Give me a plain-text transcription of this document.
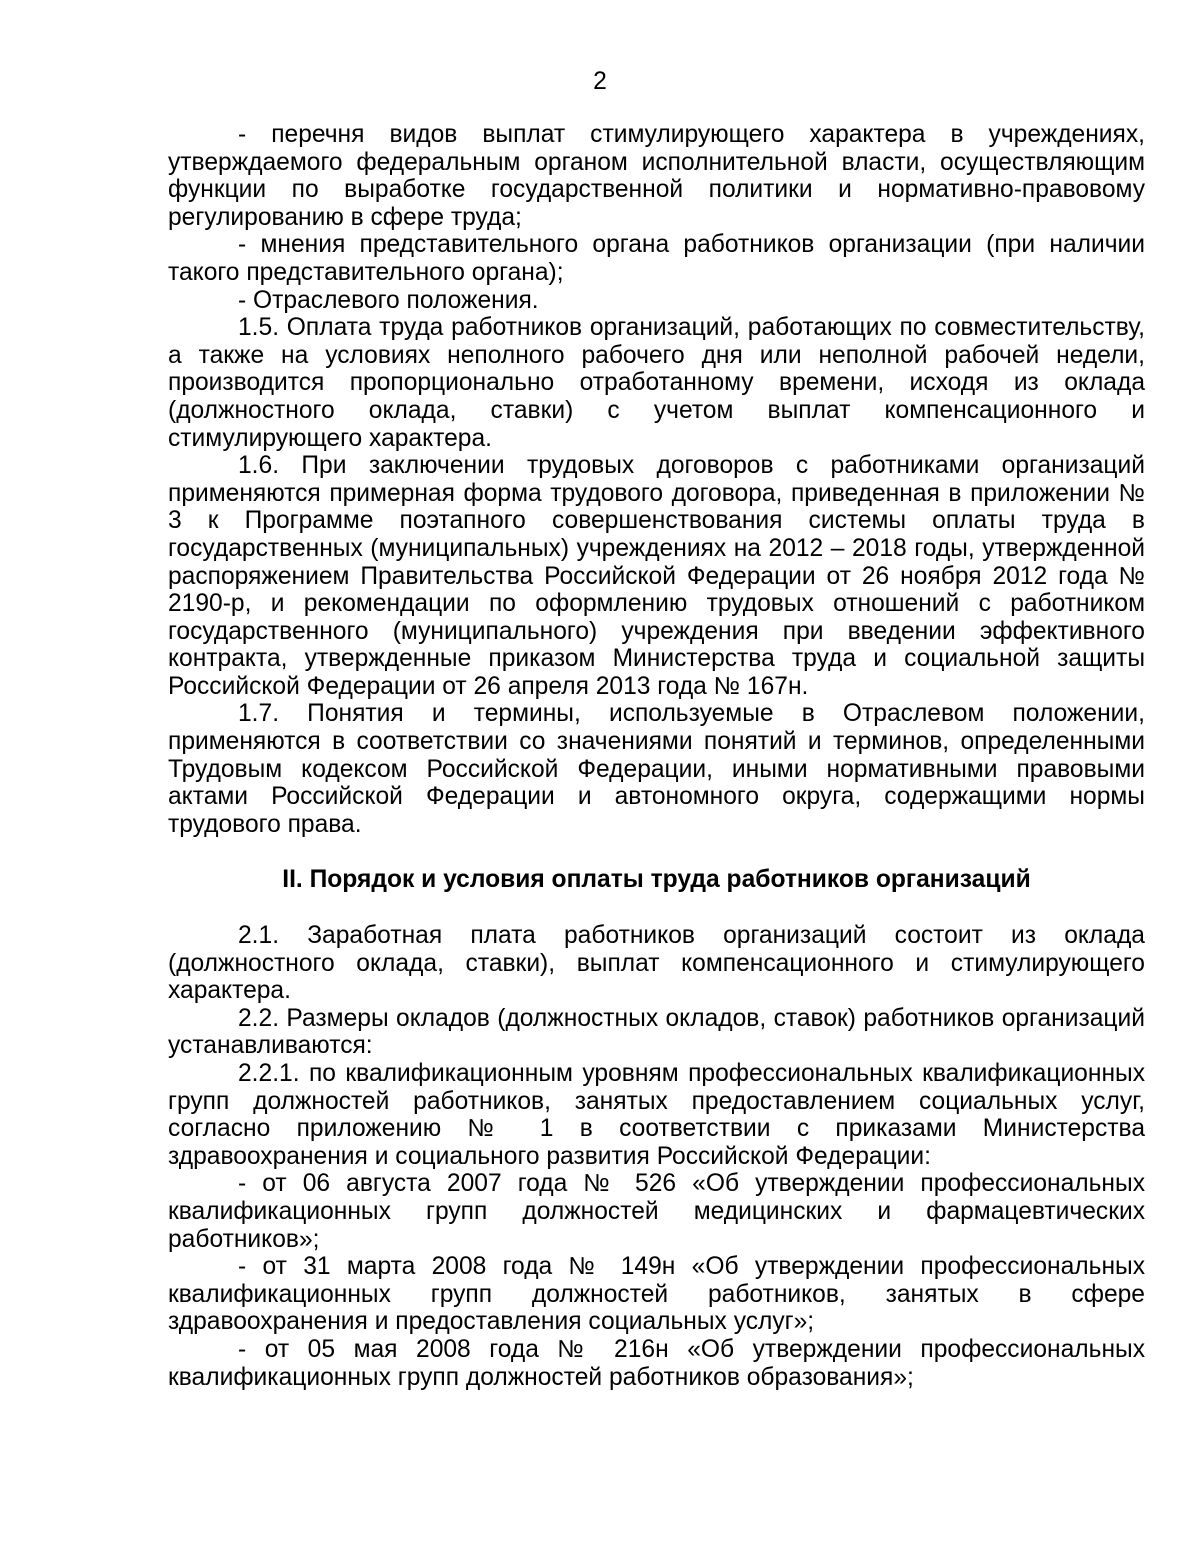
2

- перечня видов выплат стимулирующего характера в учреждениях, утверждаемого федеральным органом исполнительной власти, осуществляющим функции по выработке государственной политики и нормативно-правовому регулированию в сфере труда;

- мнения представительного органа работников организации (при наличии такого представительного органа);

- Отраслевого положения.

1.5. Оплата труда работников организаций, работающих по совместительству, а также на условиях неполного рабочего дня или неполной рабочей недели, производится пропорционально отработанному времени, исходя из оклада (должностного оклада, ставки) с учетом выплат компенсационного и стимулирующего характера.

1.6. При заключении трудовых договоров с работниками организаций применяются примерная форма трудового договора, приведенная в приложении № 3 к Программе поэтапного совершенствования системы оплаты труда в государственных (муниципальных) учреждениях на 2012 – 2018 годы, утвержденной распоряжением Правительства Российской Федерации от 26 ноября 2012 года № 2190-р, и рекомендации по оформлению трудовых отношений с работником государственного (муниципального) учреждения при введении эффективного контракта, утвержденные приказом Министерства труда и социальной защиты Российской Федерации от 26 апреля 2013 года № 167н.

1.7. Понятия и термины, используемые в Отраслевом положении, применяются в соответствии со значениями понятий и терминов, определенными Трудовым кодексом Российской Федерации, иными нормативными правовыми актами Российской Федерации и автономного округа, содержащими нормы трудового права.

II. Порядок и условия оплаты труда работников организаций

2.1. Заработная плата работников организаций состоит из оклада (должностного оклада, ставки), выплат компенсационного и стимулирующего характера.

2.2. Размеры окладов (должностных окладов, ставок) работников организаций устанавливаются:

2.2.1. по квалификационным уровням профессиональных квалификационных групп должностей работников, занятых предоставлением социальных услуг, согласно приложению № 1 в соответствии с приказами Министерства здравоохранения и социального развития Российской Федерации:

- от 06 августа 2007 года № 526 «Об утверждении профессиональных квалификационных групп должностей медицинских и фармацевтических работников»;

- от 31 марта 2008 года № 149н «Об утверждении профессиональных квалификационных групп должностей работников, занятых в сфере здравоохранения и предоставления социальных услуг»;

- от 05 мая 2008 года № 216н «Об утверждении профессиональных квалификационных групп должностей работников образования»;
